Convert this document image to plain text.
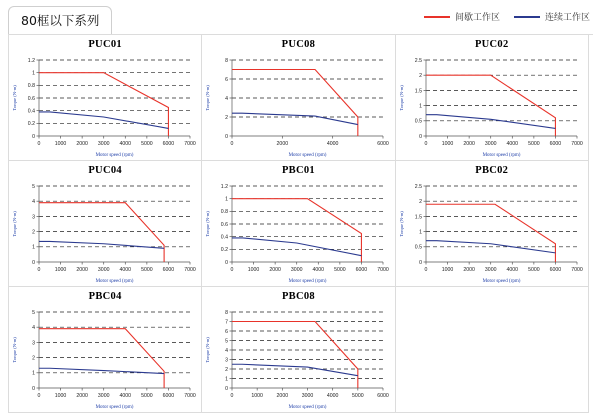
80框以下系列	间歇工作区	连续工作区
PUC01
0
0.2
0.4
0.6
0.8
1
1.2
0	1000 2000 3000 4000 5000 6000 7000
Motor speed (rpm)
Torque (N-m)
PUC08
0
2
4
6
8
0	2000	4000	6000
Motor speed (rpm)
Torque (N-m)
PUC02
0
0.5
1
1.5
2
2.5
0	1000 2000 3000 4000 5000 6000 7000
Motor speed (rpm)
Torque (N-m)
PUC04
0
1
2
3
4
5
0	1000 2000 3000 4000 5000 6000 7000
Motor speed (rpm)
Torque (N-m)
PBC01
0
0.2
0.4
0.6
0.8
1
1.2
0	1000 2000 3000 4000 5000 6000 7000
Motor speed (rpm)
Torque (N-m)
PBC02
0
0.5
1
1.5
2
2.5
0	1000 2000 3000 4000 5000 6000 7000
Motor speed (rpm)
Torque (N-m)
PBC04
0
1
2
3
4
5
0	1000 2000 3000 4000 5000 6000 7000
Motor speed (rpm)
Torque (N-m)
PBC08
0
1
2
3
4
5
6
7
8
0	1000	2000	3000	4000	5000	6000
Motor speed (rpm)
Torque (N-m)
